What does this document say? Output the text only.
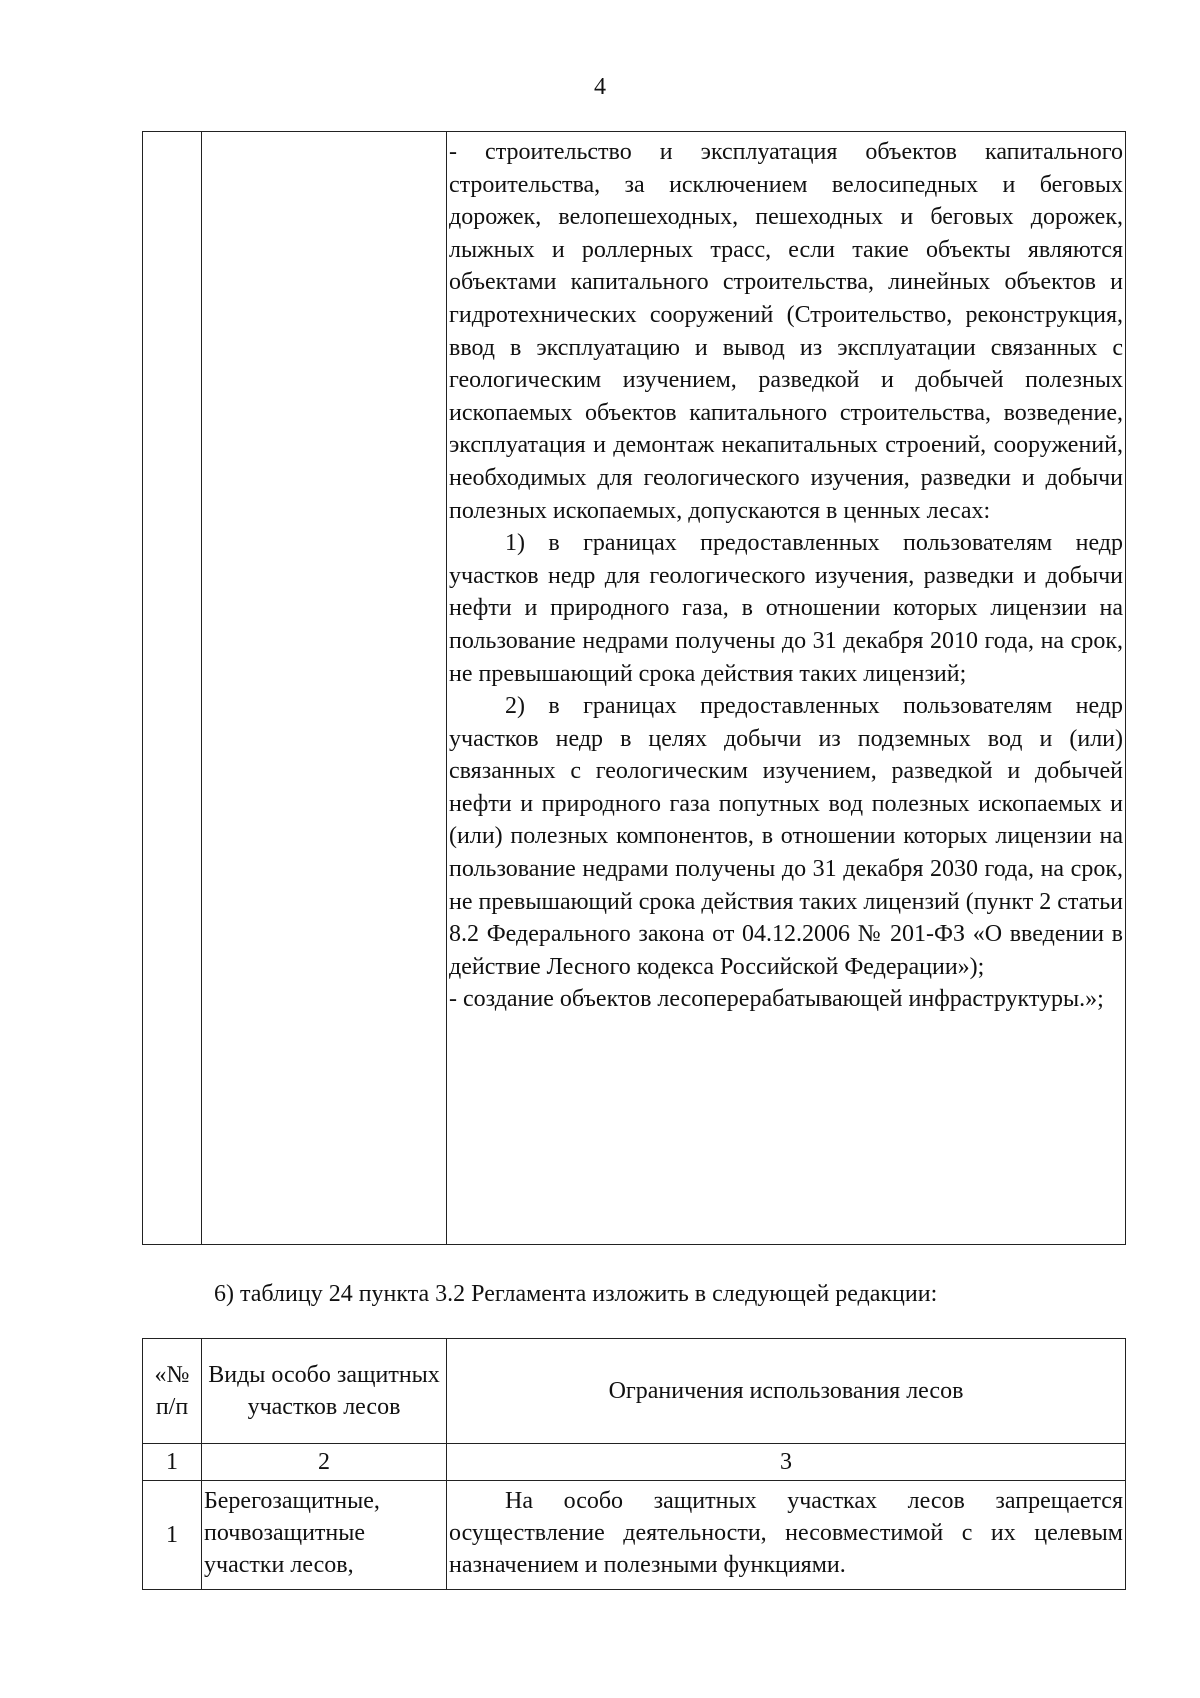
4

- строительство и эксплуатация объектов капитального строительства, за исключением велосипедных и беговых дорожек, велопешеходных, пешеходных и беговых дорожек, лыжных и роллерных трасс, если такие объекты являются объектами капитального строительства, линейных объектов и гидротехнических сооружений (Строительство, реконструкция, ввод в эксплуатацию и вывод из эксплуатации связанных с геологическим изучением, разведкой и добычей полезных ископаемых объектов капитального строительства, возведение, эксплуатация и демонтаж некапитальных строений, сооружений, необходимых для геологического изучения, разведки и добычи полезных ископаемых, допускаются в ценных лесах:
1) в границах предоставленных пользователям недр участков недр для геологического изучения, разведки и добычи нефти и природного газа, в отношении которых лицензии на пользование недрами получены до 31 декабря 2010 года, на срок, не превышающий срока действия таких лицензий;
2) в границах предоставленных пользователям недр участков недр в целях добычи из подземных вод и (или) связанных с геологическим изучением, разведкой и добычей нефти и природного газа попутных вод полезных ископаемых и (или) полезных компонентов, в отношении которых лицензии на пользование недрами получены до 31 декабря 2030 года, на срок, не превышающий срока действия таких лицензий (пункт 2 статьи 8.2 Федерального закона от 04.12.2006 № 201-ФЗ «О введении в действие Лесного кодекса Российской Федерации»);
- создание объектов лесоперерабатывающей инфраструктуры.»;
6) таблицу 24 пункта 3.2 Регламента изложить в следующей редакции:
«№ п/п	Виды особо защитных участков лесов	Ограничения использования лесов
1	2	3
1	Берегозащитные, почвозащитные участки лесов,	На особо защитных участках лесов запрещается осуществление деятельности, несовместимой с их целевым назначением и полезными функциями.
